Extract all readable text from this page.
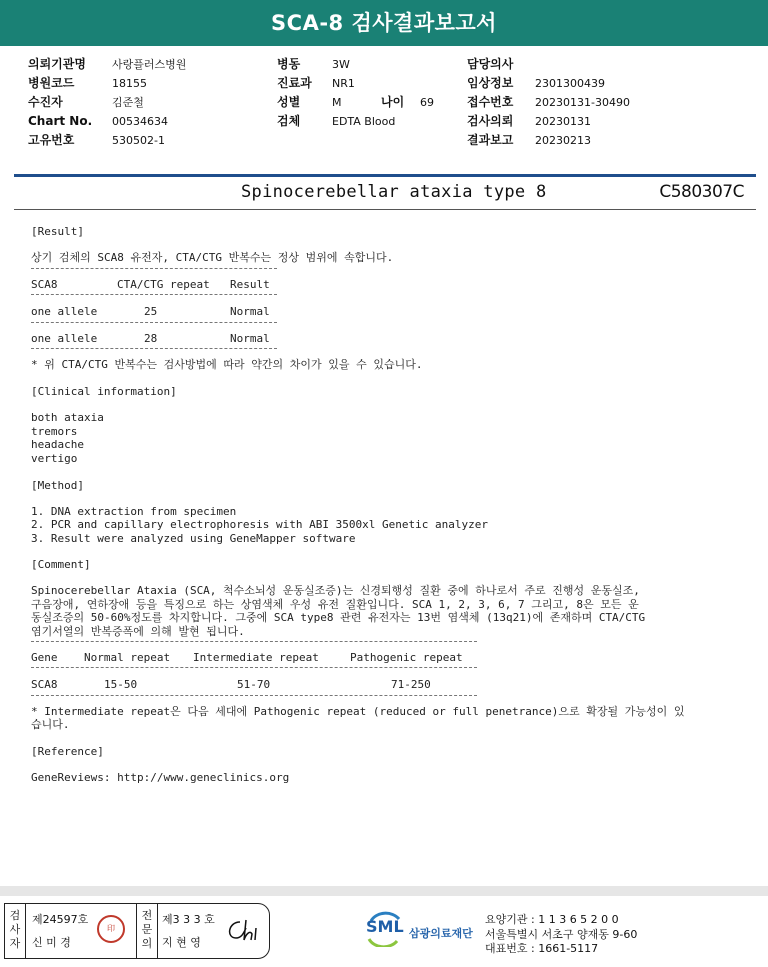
SCA-8 검사결과보고서
의뢰기관명 사랑플러스병원
병원코드	18155
수진자	김준철
Chart No. 00534634
고유번호	530502-1
병동	3W
진료과 NR1
성별	M	나이 69
검체	EDTA Blood
담당의사
임상정보 2301300439
접수번호 20230131-30490
검사의뢰 20230131
결과보고 20230213
Spinocerebellar ataxia type 8	C580307C
[Result]
상기 검체의 SCA8 유전자, CTA/CTG 반복수는 정상 범위에 속합니다.
SCA8	CTA/CTG repeat Result
one allele	25	Normal
one allele	28	Normal
* 위 CTA/CTG 반복수는 검사방법에 따라 약간의 차이가 있을 수 있습니다.
[Clinical information]
both ataxia
tremors
headache
vertigo
[Method]
1. DNA extraction from specimen
2. PCR and capillary electrophoresis with ABI 3500xl Genetic analyzer
3. Result were analyzed using GeneMapper software
[Comment]
Spinocerebellar Ataxia (SCA, 척수소뇌성 운동실조증)는 신경퇴행성 질환 중에 하나로서 주로 진행성 운동실조,
구음장애, 연하장애 등을 특징으로 하는 상염색체 우성 유전 질환입니다. SCA 1, 2, 3, 6, 7 그리고, 8은 모든 운
동실조증의 50-60%정도를 차지합니다. 그중에 SCA type8 관련 유전자는 13번 염색체 (13q21)에 존재하며 CTA/CTG
염기서열의 반복증폭에 의해 발현 됩니다.
Gene Normal repeat Intermediate repeat	Pathogenic repeat
SCA8	15-50	51-70	71-250
* Intermediate repeat은 다음 세대에 Pathogenic repeat (reduced or full penetrance)으로 확장될 가능성이 있
습니다.
[Reference]
GeneReviews: http://www.geneclinics.org
검
사
자
전
문
의
제24597호
신 미 경
印
제3 3 3 호
지 현 영
SML 삼광의료재단
요양기관 : 1 1 3 6 5 2 0 0
서울특별시 서초구 양재동 9-60
대표번호 : 1661-5117
